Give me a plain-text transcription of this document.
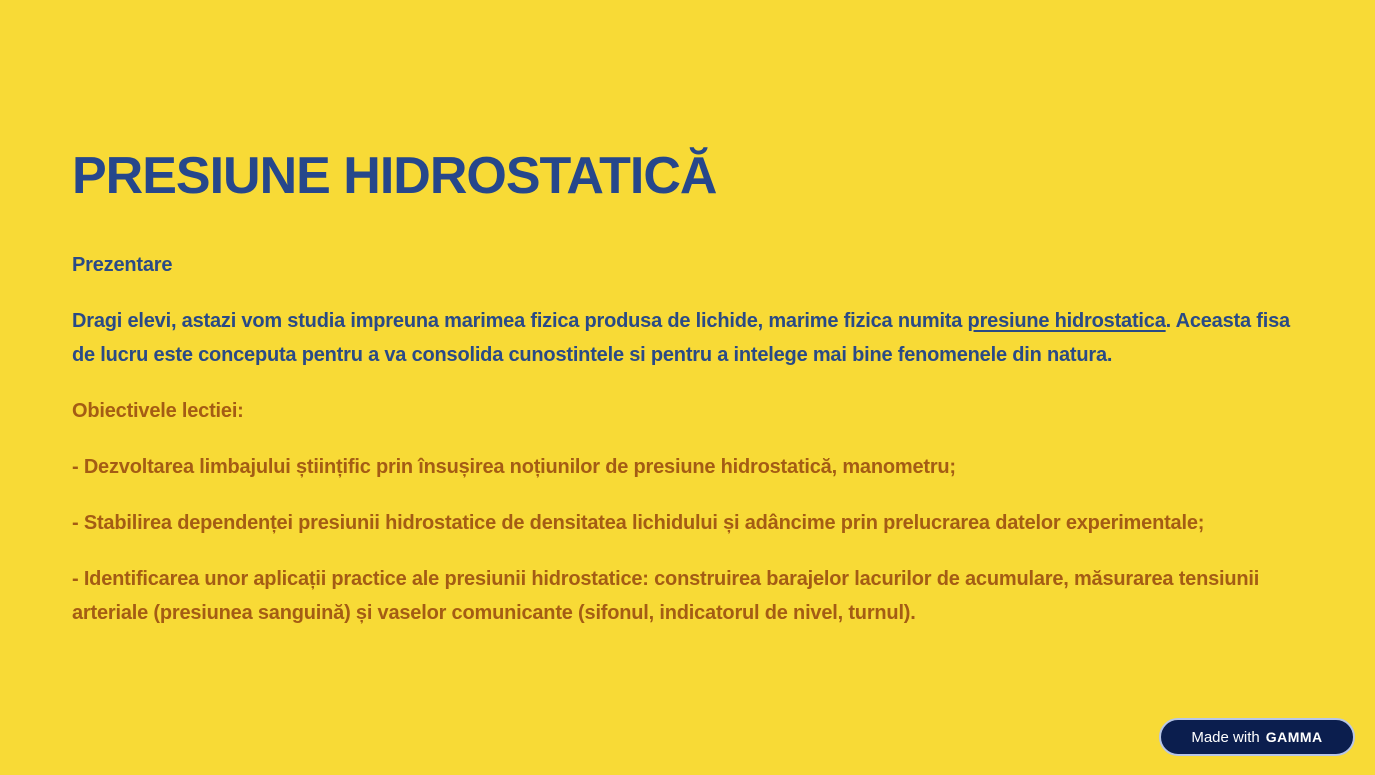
PRESIUNE HIDROSTATICĂ

Prezentare

Dragi elevi, astazi vom studia impreuna marimea fizica produsa de lichide, marime fizica numita presiune hidrostatica. Aceasta fisa de lucru este conceputa pentru a va consolida cunostintele si pentru a intelege mai bine fenomenele din natura.

Obiectivele lectiei:

- Dezvoltarea limbajului științific prin însușirea noțiunilor de presiune hidrostatică, manometru;

- Stabilirea dependenței presiunii hidrostatice de densitatea lichidului și adâncime prin prelucrarea datelor experimentale;

- Identificarea unor aplicații practice ale presiunii hidrostatice: construirea barajelor lacurilor de acumulare, măsurarea tensiunii arteriale (presiunea sanguină) și vaselor comunicante (sifonul, indicatorul de nivel, turnul).

Made with GAMMA
